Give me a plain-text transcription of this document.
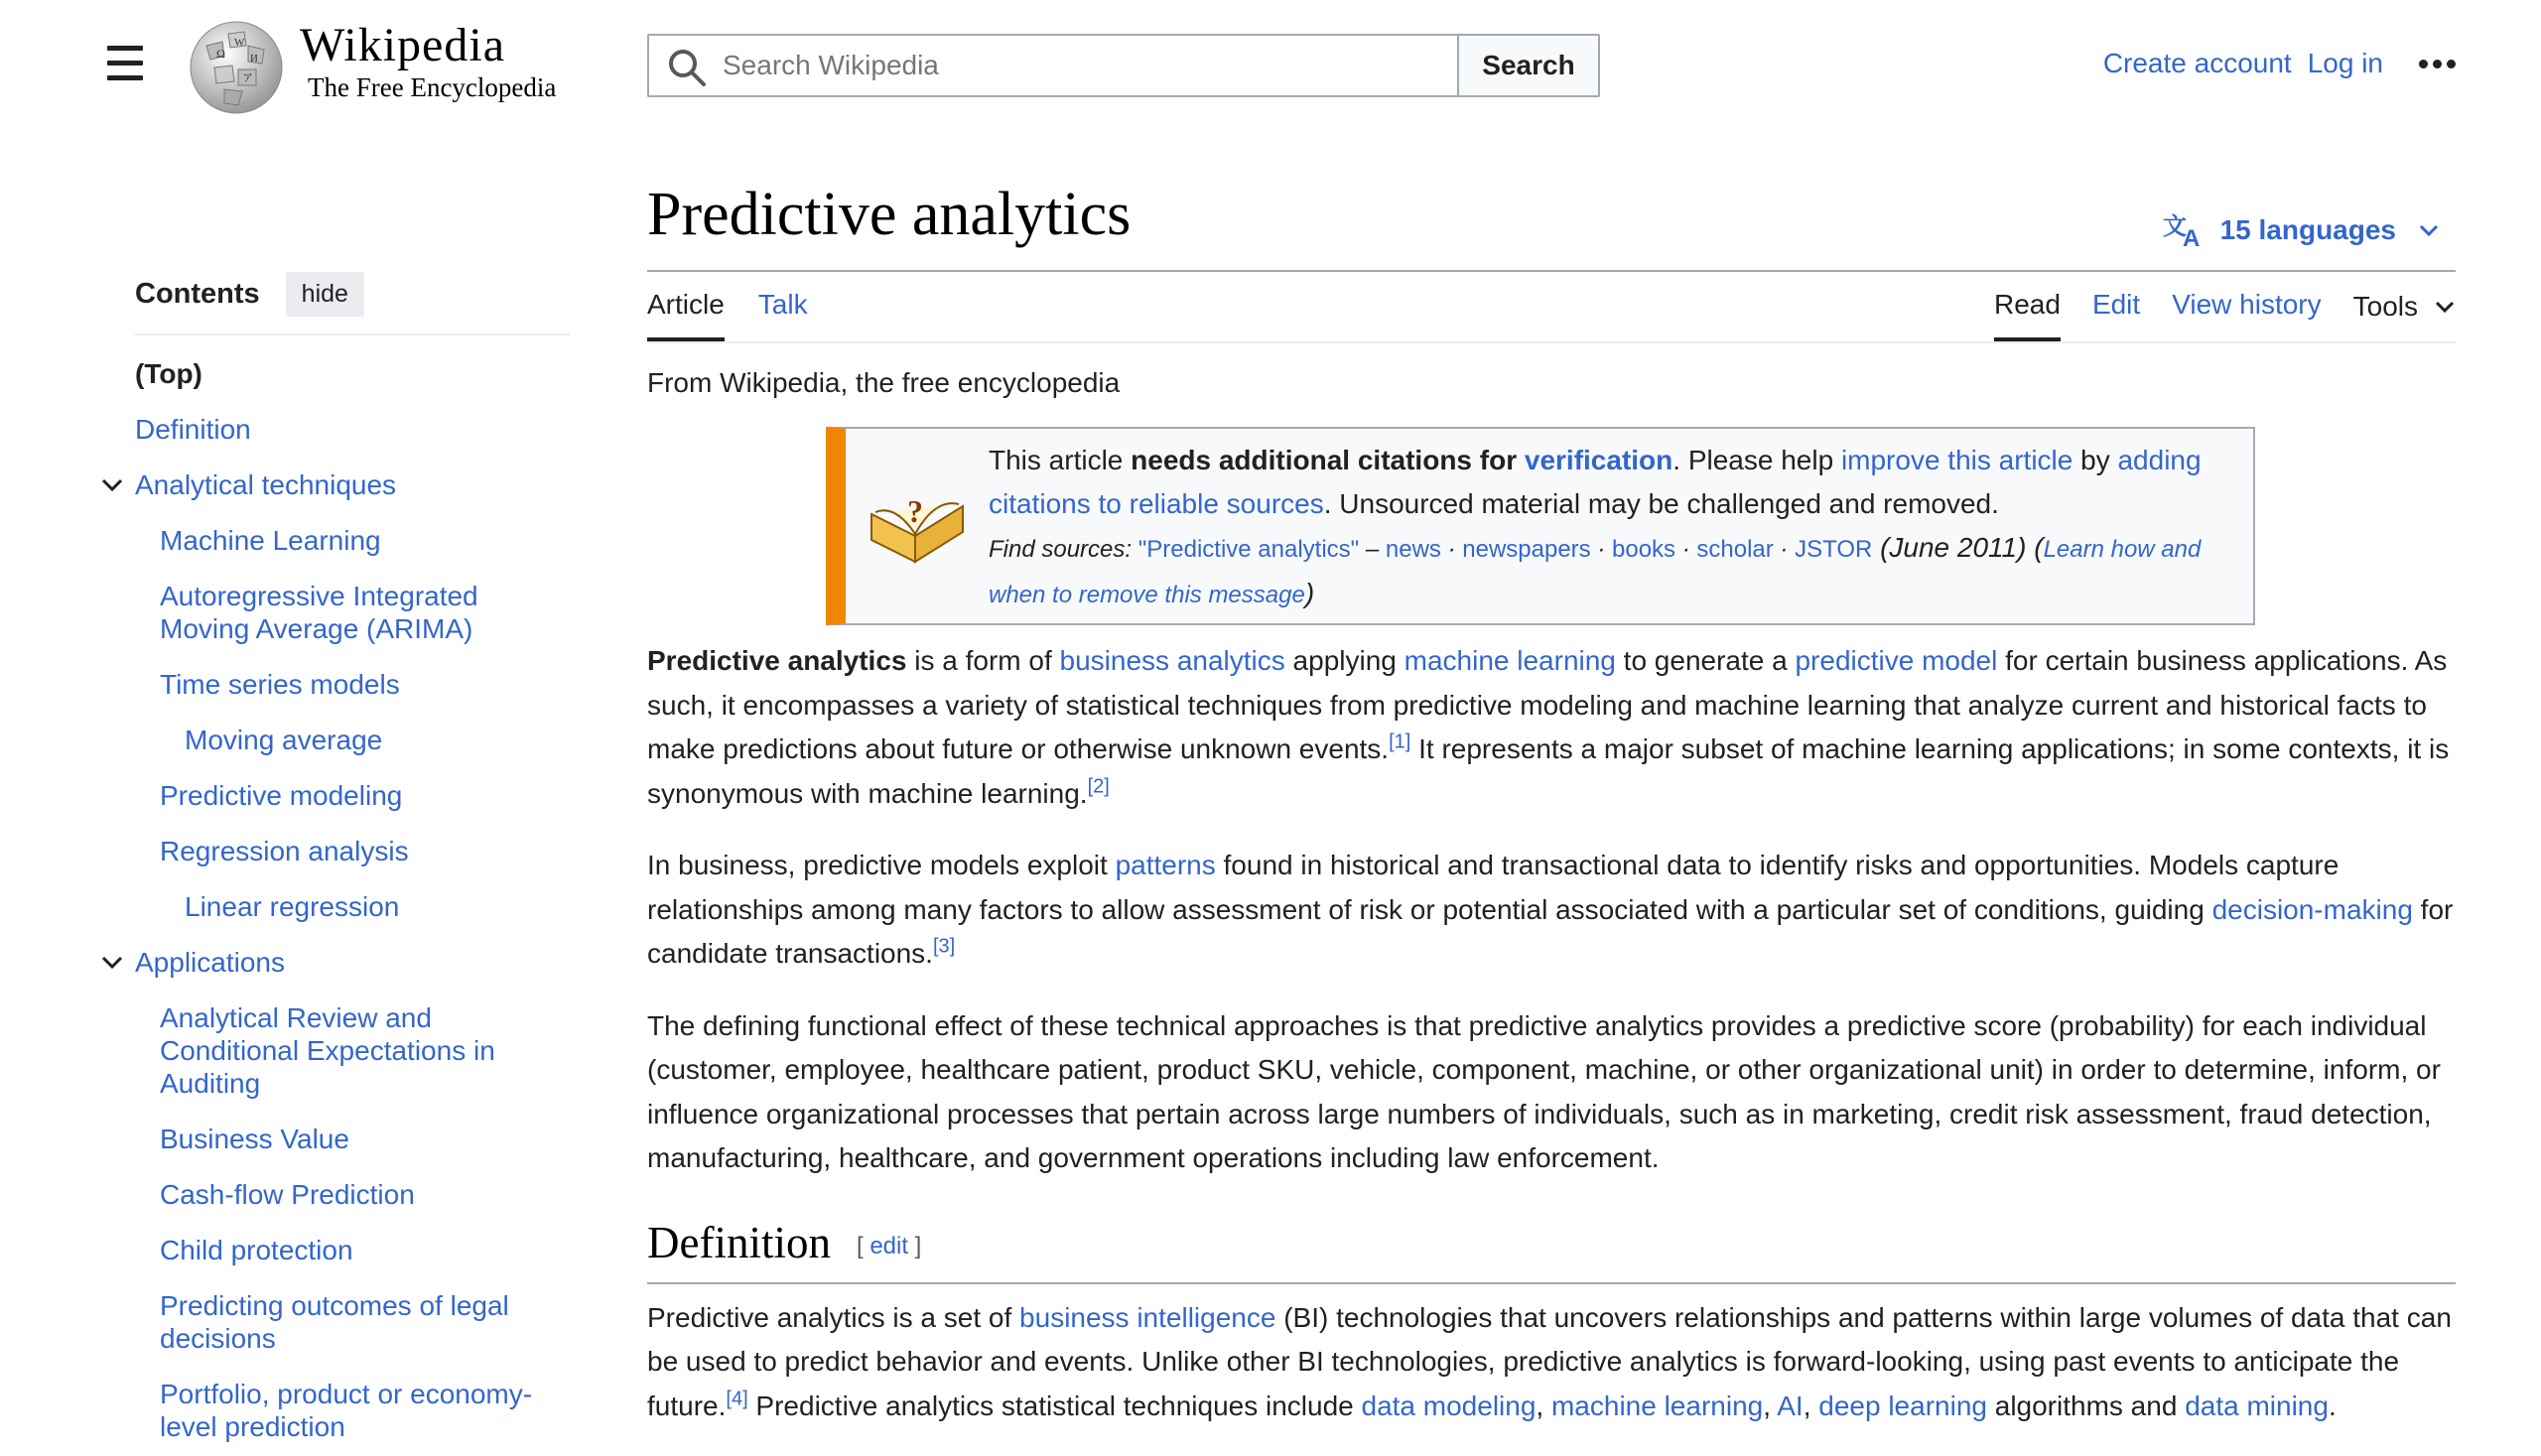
Ω
W
И
ア
Wikipedia
The Free Encyclopedia
Search Wikipedia
Search	Create account Log in
Contents	hide
(Top)
Definition
Analytical techniques
Machine Learning
Autoregressive Integrated Moving Average (ARIMA)
Time series models
Moving average
Predictive modeling
Regression analysis
Linear regression
Applications
Analytical Review and Conditional Expectations in Auditing
Business Value
Cash-flow Prediction
Child protection
Predicting outcomes of legal decisions
Portfolio, product or economy-level prediction
Predictive analytics	文
A 15 languages
Article Talk	Read Edit View history Tools
From Wikipedia, the free encyclopedia
?
This article needs additional citations for verification. Please help improve this article by adding citations to reliable sources. Unsourced material may be challenged and removed.
Find sources: "Predictive analytics" – news · newspapers · books · scholar · JSTOR (June 2011) (Learn how and when to remove this message)

Predictive analytics is a form of business analytics applying machine learning to generate a predictive model for certain business applications. As such, it encompasses a variety of statistical techniques from predictive modeling and machine learning that analyze current and historical facts to make predictions about future or otherwise unknown events.[1] It represents a major subset of machine learning applications; in some contexts, it is synonymous with machine learning.[2]

In business, predictive models exploit patterns found in historical and transactional data to identify risks and opportunities. Models capture relationships among many factors to allow assessment of risk or potential associated with a particular set of conditions, guiding decision-making for candidate transactions.[3]

The defining functional effect of these technical approaches is that predictive analytics provides a predictive score (probability) for each individual (customer, employee, healthcare patient, product SKU, vehicle, component, machine, or other organizational unit) in order to determine, inform, or influence organizational processes that pertain across large numbers of individuals, such as in marketing, credit risk assessment, fraud detection, manufacturing, healthcare, and government operations including law enforcement.

Definition [ edit ]

Predictive analytics is a set of business intelligence (BI) technologies that uncovers relationships and patterns within large volumes of data that can be used to predict behavior and events. Unlike other BI technologies, predictive analytics is forward-looking, using past events to anticipate the future.[4] Predictive analytics statistical techniques include data modeling, machine learning, AI, deep learning algorithms and data mining.
